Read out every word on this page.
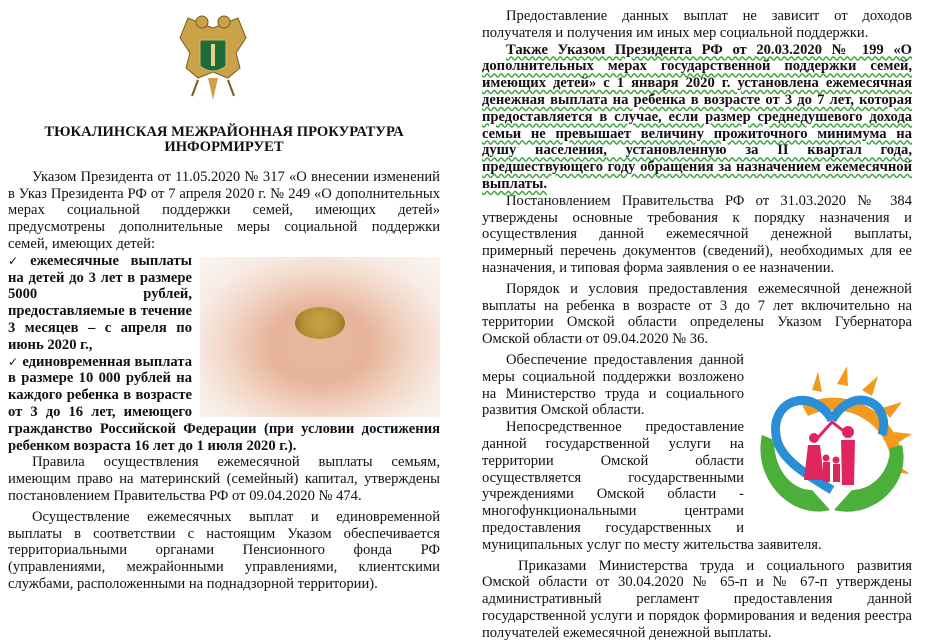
ТЮКАЛИНСКАЯ МЕЖРАЙОННАЯ ПРОКУРАТУРА
ИНФОРМИРУЕТ

Указом Президента от 11.05.2020 № 317 «О внесении изменений в Указ Президента РФ от 7 апреля 2020 г. № 249 «О дополнительных мерах социальной поддержки семей, имеющих детей» предусмотрены дополнительные меры социальной поддержки семей, имеющих детей:

✓ ежемесячные выплаты на детей до 3 лет в размере 5000 рублей, предоставляемые в течение 3 месяцев – с апреля по июнь 2020 г.,

✓ единовременная выплата в размере 10 000 рублей на каждого ребенка в возрасте от 3 до 16 лет, имеющего гражданство Российской Федерации (при условии достижения ребенком возраста 16 лет до 1 июля 2020 г.).

Правила осуществления ежемесячной выплаты семьям, имеющим право на материнский (семейный) капитал, утверждены постановлением Правительства РФ от 09.04.2020 № 474.

Осуществление ежемесячных выплат и единовременной выплаты в соответствии с настоящим Указом обеспечивается территориальными органами Пенсионного фонда РФ (управлениями, межрайонными управлениями, клиентскими службами, расположенными на поднадзорной территории).

Предоставление данных выплат не зависит от доходов получателя и получения им иных мер социальной поддержки.

Также Указом Президента РФ от 20.03.2020 № 199 «О дополнительных мерах государственной поддержки семей, имеющих детей» с 1 января 2020 г. установлена ежемесячная денежная выплата на ребенка в возрасте от 3 до 7 лет, которая предоставляется в случае, если размер среднедушевого дохода семьи не превышает величину прожиточного минимума на душу населения, установленную за II квартал года, предшествующего году обращения за назначением ежемесячной выплаты.

Постановлением Правительства РФ от 31.03.2020 № 384 утверждены основные требования к порядку назначения и осуществления данной ежемесячной денежной выплаты, примерный перечень документов (сведений), необходимых для ее назначения, и типовая форма заявления о ее назначении.

Порядок и условия предоставления ежемесячной денежной выплаты на ребенка в возрасте от 3 до 7 лет включительно на территории Омской области определены Указом Губернатора Омской области от 09.04.2020 № 36.

Обеспечение предоставления данной меры социальной поддержки возложено на Министерство труда и социального развития Омской области.

Непосредственное предоставление данной государственной услуги на территории Омской области осуществляется государственными учреждениями Омской области - многофункциональными центрами предоставления государственных и муниципальных услуг по месту жительства заявителя.

Приказами Министерства труда и социального развития Омской области от 30.04.2020 № 65-п и № 67-п утверждены административный регламент предоставления данной государственной услуги и порядок формирования и ведения реестра получателей ежемесячной денежной выплаты.
